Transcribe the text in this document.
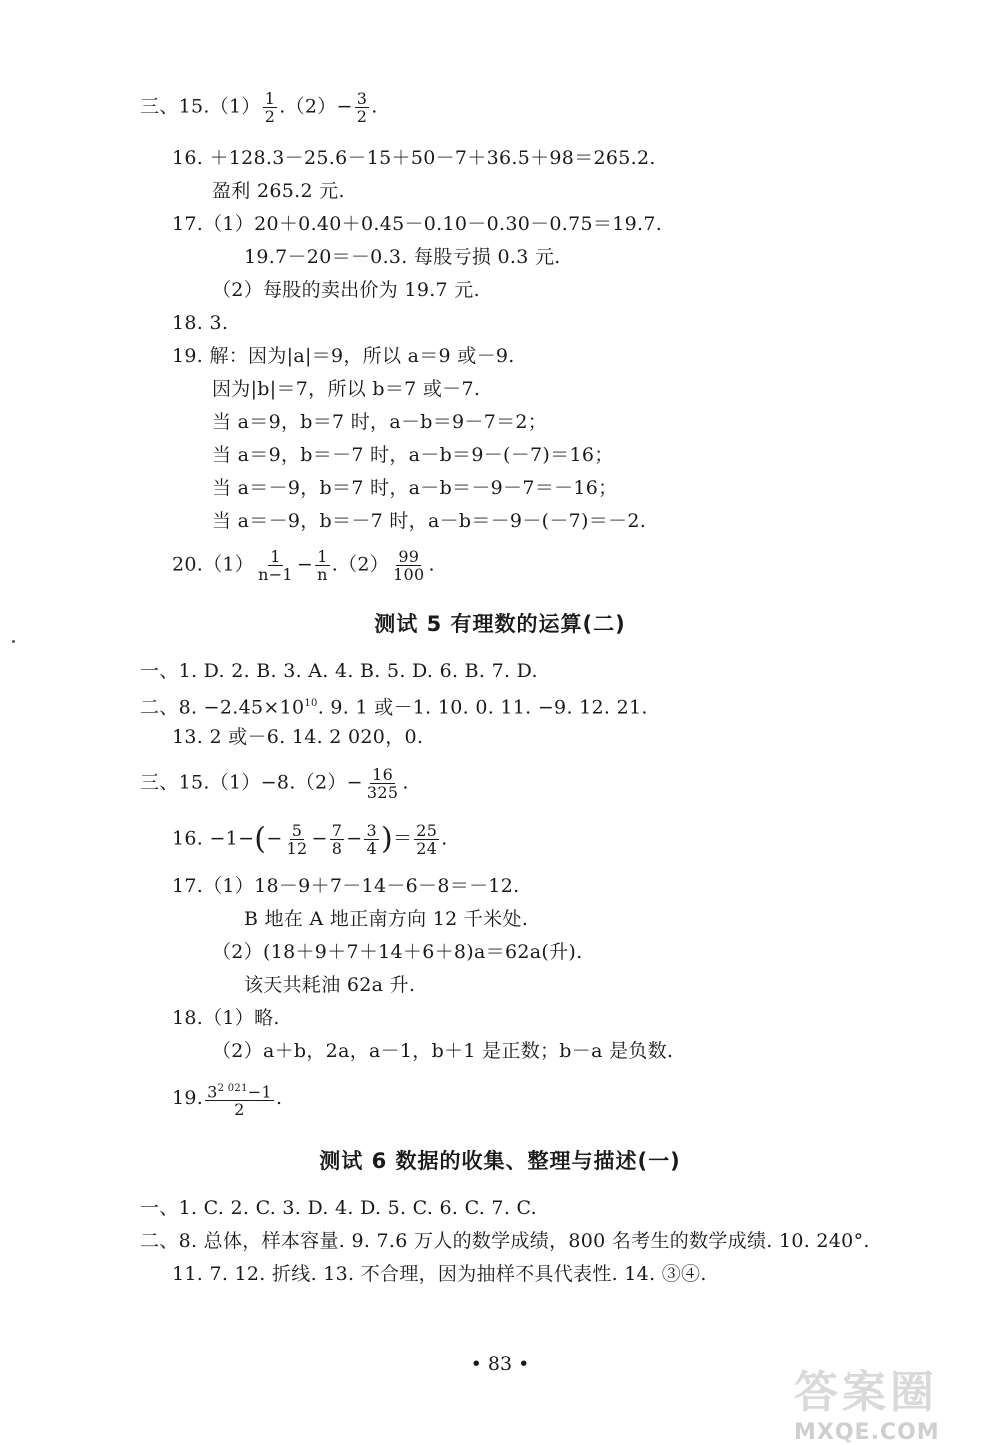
三、$15.(1) \frac{1}{2} .(2)- \frac{3}{2}$ .
16. ＋128.3－25.6－15＋50－7＋36.5＋98＝265.2.
盈利 265.2 元.
17.（1）20＋0.40＋0.45－0.10－0.30－0.75＝19.7.
19.7－20＝－0.3. 每股亏损 0.3 元.
（2）每股的卖出价为 19.7 元.
18. 3.
19. 解：因为|a|＝9，所以 a＝9 或－9.
因为|b|＝7，所以 b＝7 或－7.
当 a＝9，b＝7 时，a－b＝9－7＝2；
当 a＝9，b＝－7 时，a－b＝9－(－7)＝16；
当 a＝－9，b＝7 时，a－b＝－9－7＝－16；
当 a＝－9，b＝－7 时，a－b＝－9－(－7)＝－2.
$20.(1) \frac{1}{n-1} - \frac{1}{n} .(2) \frac{99}{100}$ .
测试 5 有理数的运算(二)
一、1. D. 2. B. 3. A. 4. B. 5. D. 6. B. 7. D.
二、8. $-2.45\times 10^{10}$. 9. 1 或－1. 10. 0. 11. −9. 12. 21.
13. 2 或－6. 14. 2 020，0.
三、$15.(1)-8.(2)- \frac{16}{325}$ .
16. $-1-(- \frac{5}{12} - \frac{7}{8} - \frac{3}{4}$ )＝ $\frac{25}{24}$ .
17.（1）18－9＋7－14－6－8＝－12.
B 地在 A 地正南方向 12 千米处.
（2）(18＋9＋7＋14＋6＋8)a＝62a(升).
该天共耗油 62a 升.
18.（1）略.
（2）a＋b，2a，a－1，b＋1 是正数；b－a 是负数.
19. $\frac{3^{2 021}-1}{2}$ .
测试 6 数据的收集、整理与描述(一)
一、1. C. 2. C. 3. D. 4. D. 5. C. 6. C. 7. C.
二、8. 总体，样本容量. 9. 7.6 万人的数学成绩，800 名考生的数学成绩. 10. 240°.
11. 7. 12. 折线. 13. 不合理，因为抽样不具代表性. 14. ③④.
• 83 •
答案圈
MXQE.COM
